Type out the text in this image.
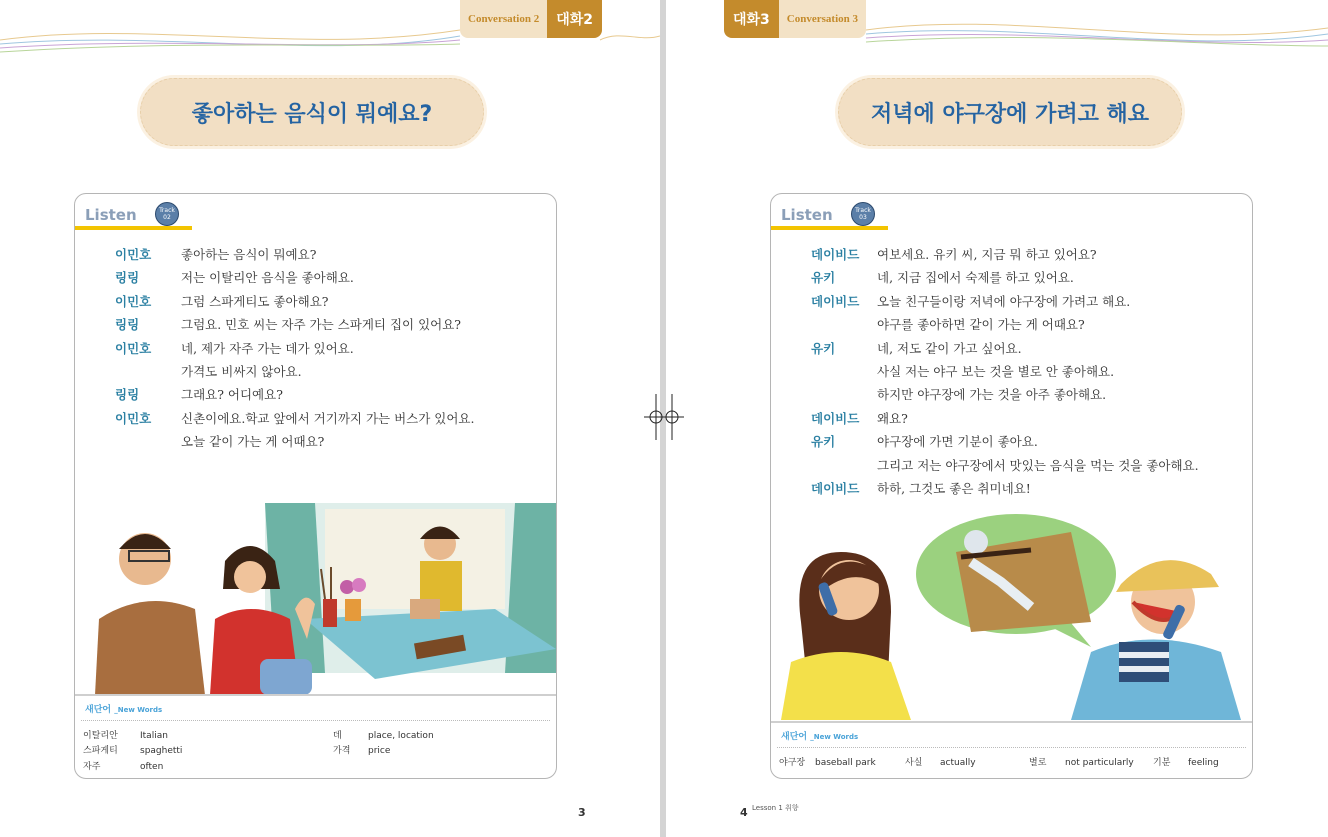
Conversation 2	대화2
좋아하는 음식이 뭐예요?
Listen	Track
02
이민호 좋아하는 음식이 뭐예요?
링링	저는 이탈리안 음식을 좋아해요.
이민호 그럼 스파게티도 좋아해요?
링링	그럼요. 민호 씨는 자주 가는 스파게티 집이 있어요?
이민호 네, 제가 자주 가는 데가 있어요.
가격도 비싸지 않아요.
링링	그래요? 어디예요?
이민호 신촌이에요.학교 앞에서 거기까지 가는 버스가 있어요.
오늘 같이 가는 게 어때요?
새단어 _New Words
이탈리안 Italian
스파게티 spaghetti
자주	often
데	place, location
가격 price
3
대화3	Conversation 3
저녁에 야구장에 가려고 해요
Listen	Track
03
데이비드 여보세요. 유키 씨, 지금 뭐 하고 있어요?
유키	네, 지금 집에서 숙제를 하고 있어요.
데이비드 오늘 친구들이랑 저녁에 야구장에 가려고 해요.
야구를 좋아하면 같이 가는 게 어때요?
유키	네, 저도 같이 가고 싶어요.
사실 저는 야구 보는 것을 별로 안 좋아해요.
하지만 야구장에 가는 것을 아주 좋아해요.
데이비드 왜요?
유키	야구장에 가면 기분이 좋아요.
그리고 저는 야구장에서 맛있는 음식을 먹는 것을 좋아해요.
데이비드 하하, 그것도 좋은 취미네요!
새단어 _New Words
야구장 baseball park	사실 actually	별로 not particularly 기분 feeling
4 Lesson 1 취향
